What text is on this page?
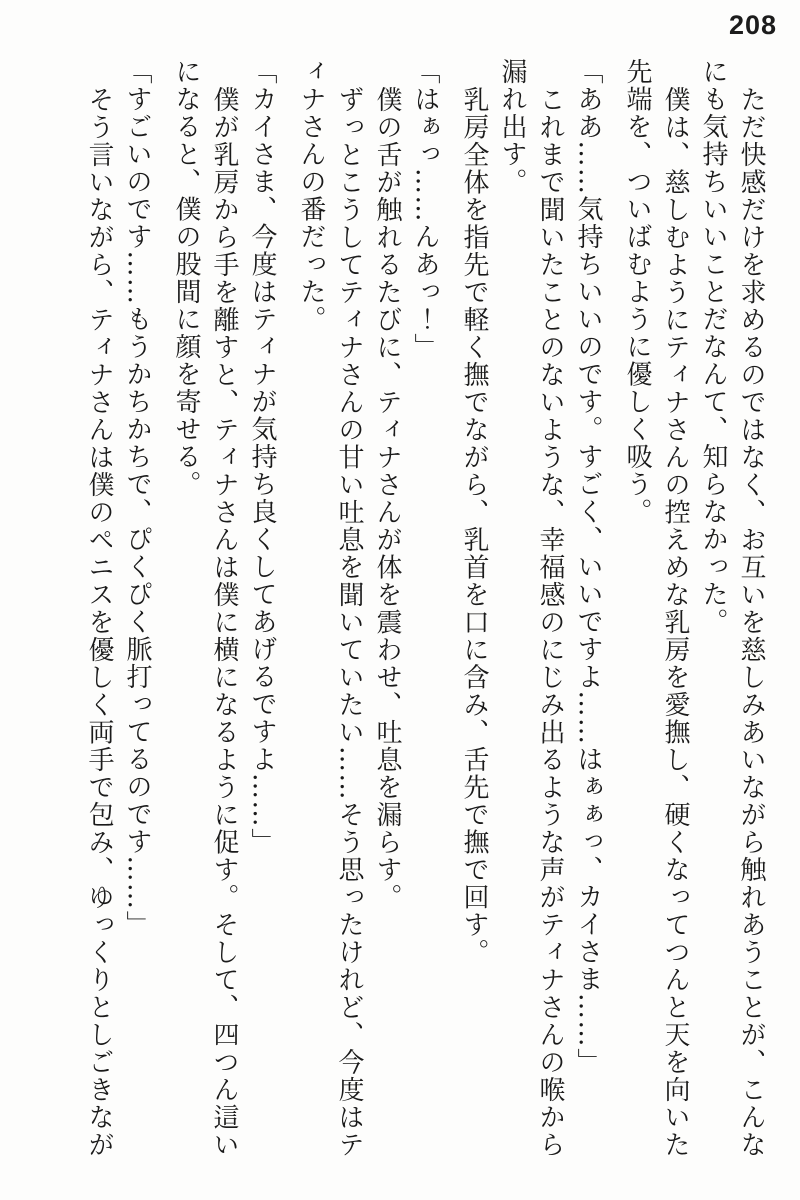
208

ただ快感だけを求めるのではなく、お互いを慈しみあいながら触れあうことが、こんな

にも気持ちいいことだなんて、知らなかった。

僕は、慈しむようにティナさんの控えめな乳房を愛撫し、硬くなってつんと天を向いた

先端を、ついばむように優しく吸う。

「ああ……気持ちいいのです。すごく、いいですよ……はぁぁっ、カイさま……」

これまで聞いたことのないような、幸福感のにじみ出るような声がティナさんの喉から

漏れ出す。

乳房全体を指先で軽く撫でながら、乳首を口に含み、舌先で撫で回す。

「はぁっ……んあっ！」

僕の舌が触れるたびに、ティナさんが体を震わせ、吐息を漏らす。

ずっとこうしてティナさんの甘い吐息を聞いていたい……そう思ったけれど、今度はテ

ィナさんの番だった。

「カイさま、今度はティナが気持ち良くしてあげるですよ……」

僕が乳房から手を離すと、ティナさんは僕に横になるように促す。そして、四つん這い

になると、僕の股間に顔を寄せる。

「すごいのです……もうかちかちで、ぴくぴく脈打ってるのです……」

そう言いながら、ティナさんは僕のペニスを優しく両手で包み、ゆっくりとしごきなが
